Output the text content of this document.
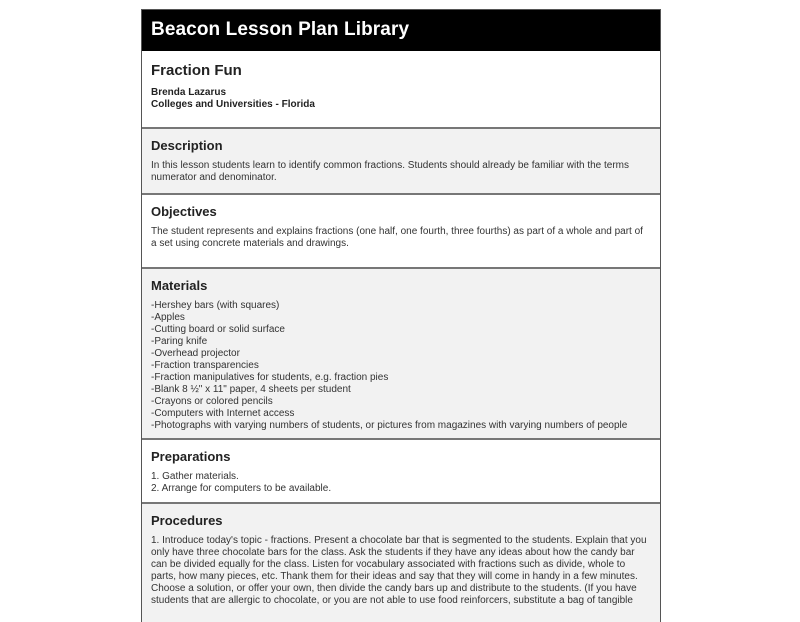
Beacon Lesson Plan Library
Fraction Fun
Brenda Lazarus
Colleges and Universities - Florida
Description
In this lesson students learn to identify common fractions. Students should already be familiar with the terms numerator and denominator.
Objectives
The student represents and explains fractions (one half, one fourth, three fourths) as part of a whole and part of a set using concrete materials and drawings.
Materials
-Hershey bars (with squares)
-Apples
-Cutting board or solid surface
-Paring knife
-Overhead projector
-Fraction transparencies
-Fraction manipulatives for students, e.g. fraction pies
-Blank 8 ½" x 11" paper, 4 sheets per student
-Crayons or colored pencils
-Computers with Internet access
-Photographs with varying numbers of students, or pictures from magazines with varying numbers of people
Preparations
1. Gather materials.
2. Arrange for computers to be available.
Procedures
1. Introduce today's topic - fractions. Present a chocolate bar that is segmented to the students. Explain that you only have three chocolate bars for the class. Ask the students if they have any ideas about how the candy bar can be divided equally for the class. Listen for vocabulary associated with fractions such as divide, whole to parts, how many pieces, etc. Thank them for their ideas and say that they will come in handy in a few minutes. Choose a solution, or offer your own, then divide the candy bars up and distribute to the students. (If you have students that are allergic to chocolate, or you are not able to use food reinforcers, substitute a bag of tangible
